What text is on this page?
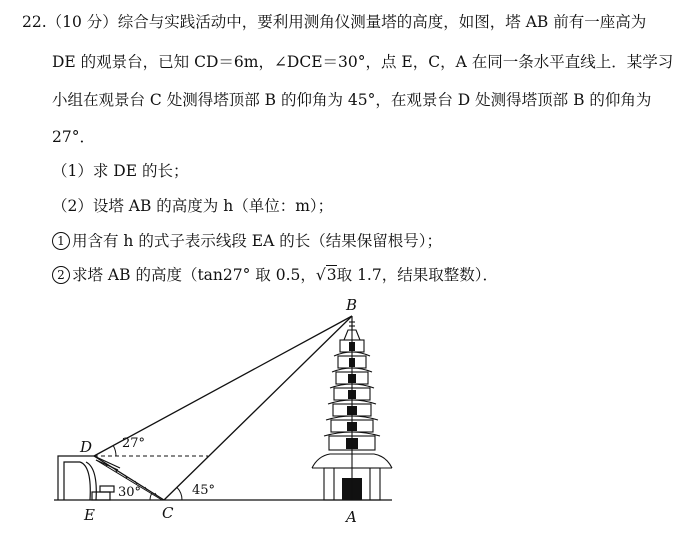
22.（10 分）综合与实践活动中，要利用测角仪测量塔的高度，如图，塔 AB 前有一座高为
DE 的观景台，已知 CD＝6m，∠DCE＝30°，点 E，C，A 在同一条水平直线上．某学习
小组在观景台 C 处测得塔顶部 B 的仰角为 45°，在观景台 D 处测得塔顶部 B 的仰角为
27°．
（1）求 DE 的长；
（2）设塔 AB 的高度为 h（单位：m）；
1 用含有 h 的式子表示线段 EA 的长（结果保留根号）；
2 求塔 AB 的高度（tan27° 取 0.5，√3取 1.7，结果取整数）．
B
D
E	C	A
27°
30°	45°
